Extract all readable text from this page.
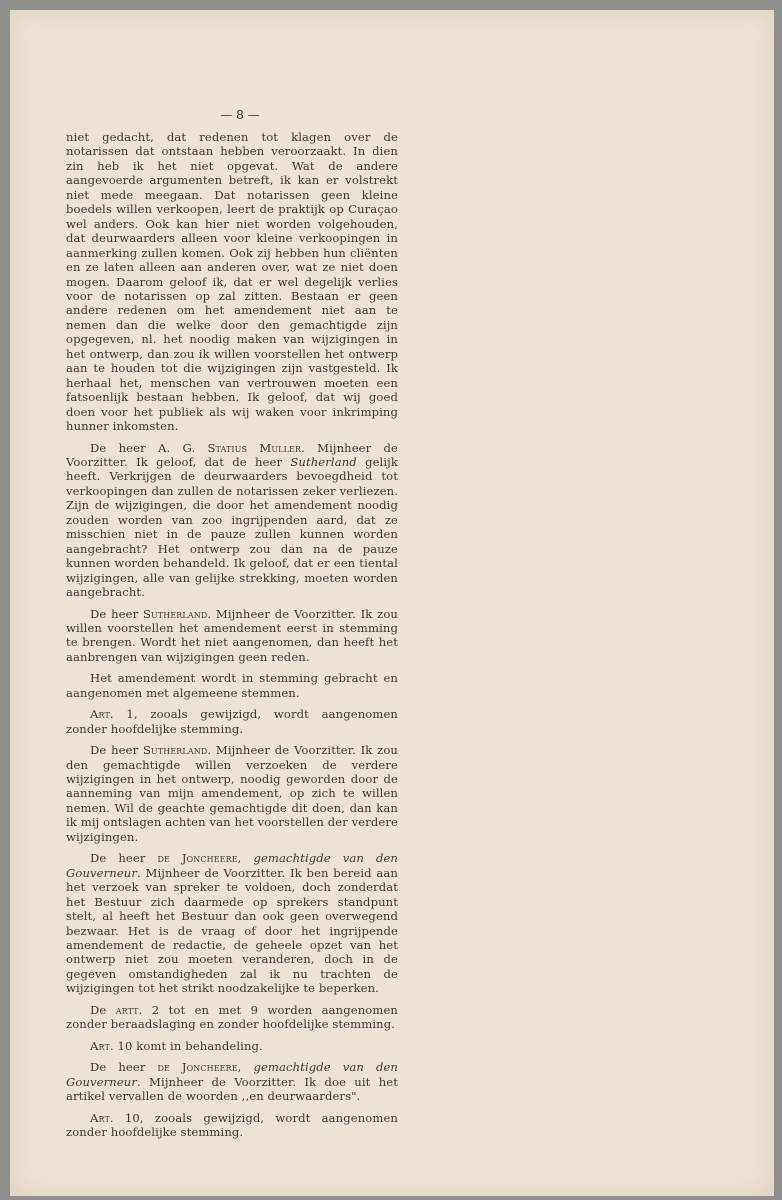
— 8 —

niet gedacht, dat redenen tot klagen over de notarissen dat ontstaan hebben veroorzaakt. In dien zin heb ik het niet opgevat. Wat de andere aangevoerde argumenten betreft, ik kan er volstrekt niet mede meegaan. Dat notarissen geen kleine boedels willen verkoopen, leert de praktijk op Curaçao wel anders. Ook kan hier niet worden volgehouden, dat deurwaarders alleen voor kleine verkoopingen in aanmerking zullen komen. Ook zij hebben hun cliënten en ze laten alleen aan anderen over, wat ze niet doen mogen. Daarom geloof ik, dat er wel degelijk verlies voor de notarissen op zal zitten. Bestaan er geen andere redenen om het amendement niet aan te nemen dan die welke door den gemachtigde zijn opgegeven, nl. het noodig maken van wijzigingen in het ontwerp, dan zou ik willen voorstellen het ontwerp aan te houden tot die wijzigingen zijn vastgesteld. Ik herhaal het, menschen van vertrouwen moeten een fatsoenlijk bestaan hebben. Ik geloof, dat wij goed doen voor het publiek als wij waken voor inkrimping hunner inkomsten.

De heer A. G. Statius Muller. Mijnheer de Voorzitter. Ik geloof, dat de heer Sutherland gelijk heeft. Verkrijgen de deurwaarders bevoegdheid tot verkoopingen dan zullen de notarissen zeker verliezen. Zijn de wijzigingen, die door het amendement noodig zouden worden van zoo ingrijpenden aard, dat ze misschien niet in de pauze zullen kunnen worden aangebracht? Het ontwerp zou dan na de pauze kunnen worden behandeld. Ik geloof, dat er een tiental wijzigingen, alle van gelijke strekking, moeten worden aangebracht.

De heer Sutherland. Mijnheer de Voorzitter. Ik zou willen voorstellen het amendement eerst in stemming te brengen. Wordt het niet aangenomen, dan heeft het aanbrengen van wijzigingen geen reden.

Het amendement wordt in stemming gebracht en aangenomen met algemeene stemmen.

Art. 1, zooals gewijzigd, wordt aangenomen zonder hoofdelijke stemming.

De heer Sutherland. Mijnheer de Voorzitter. Ik zou den gemachtigde willen verzoeken de verdere wijzigingen in het ontwerp, noodig geworden door de aanneming van mijn amendement, op zich te willen nemen. Wil de geachte gemachtigde dit doen, dan kan ik mij ontslagen achten van het voorstellen der verdere wijzigingen.

De heer de Joncheere, gemachtigde van den Gouverneur. Mijnheer de Voorzitter. Ik ben bereid aan het verzoek van spreker te voldoen, doch zonderdat het Bestuur zich daarmede op sprekers standpunt stelt, al heeft het Bestuur dan ook geen overwegend bezwaar. Het is de vraag of door het ingrijpende amendement de redactie, de geheele opzet van het ontwerp niet zou moeten veranderen, doch in de gegeven omstandigheden zal ik nu trachten de wijzigingen tot het strikt noodzakelijke te beperken.

De artt. 2 tot en met 9 worden aangenomen zonder beraadslaging en zonder hoofdelijke stemming.

Art. 10 komt in behandeling.

De heer de Joncheere, gemachtigde van den Gouverneur. Mijnheer de Voorzitter. Ik doe uit het artikel vervallen de woorden ,,en deurwaarders".

Art. 10, zooals gewijzigd, wordt aangenomen zonder hoofdelijke stemming.
